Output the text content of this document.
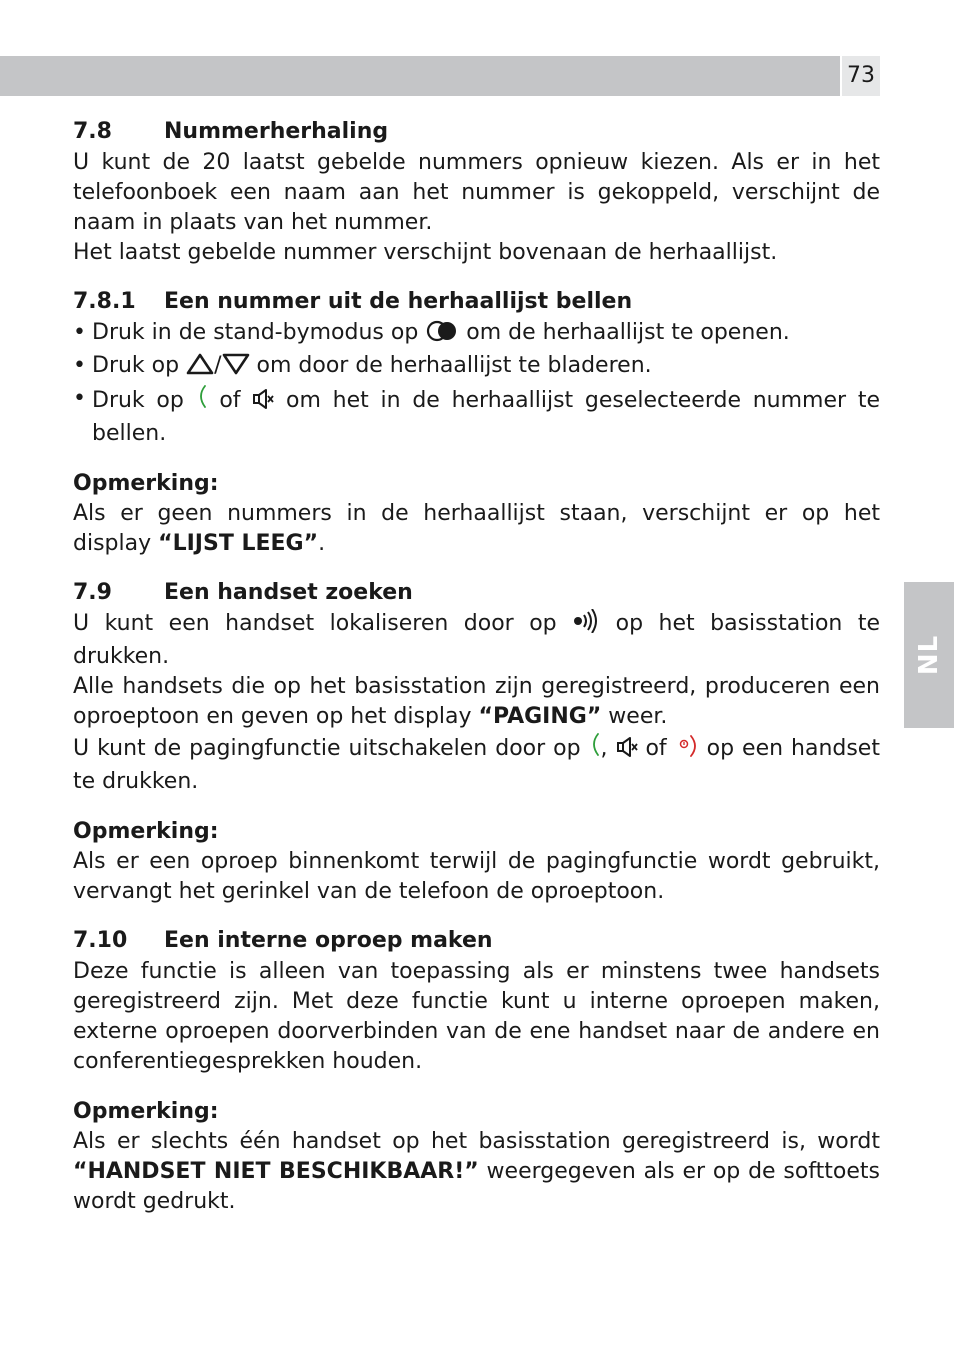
73
NL
7.8 Nummerherhaling

U kunt de 20 laatst gebelde nummers opnieuw kiezen. Als er in het telefoonboek een naam aan het nummer is gekoppeld, verschijnt de naam in plaats van het nummer.

Het laatst gebelde nummer verschijnt bovenaan de herhaallijst.

7.8.1 Een nummer uit de herhaallijst bellen
• Druk in de stand-bymodus op  om de herhaallijst te openen.
• Druk op / om door de herhaallijst te bladeren.
• Druk op  of  om het in de herhaallijst geselecteerde nummer te bellen.

Opmerking:

Als er geen nummers in de herhaallijst staan, verschijnt er op het display “LIJST LEEG”.

7.9 Een handset zoeken

U kunt een handset lokaliseren door op  op het basisstation te drukken.

Alle handsets die op het basisstation zijn geregistreerd, produceren een oproeptoon en geven op het display “PAGING” weer.

U kunt de pagingfunctie uitschakelen door op ,  of  op een handset te drukken.

Opmerking:

Als er een oproep binnenkomt terwijl de pagingfunctie wordt gebruikt, vervangt het gerinkel van de telefoon de oproeptoon.

7.10 Een interne oproep maken

Deze functie is alleen van toepassing als er minstens twee handsets geregistreerd zijn. Met deze functie kunt u interne oproepen maken, externe oproepen doorverbinden van de ene handset naar de andere en conferentiegesprekken houden.

Opmerking:

Als er slechts één handset op het basisstation geregistreerd is, wordt “HANDSET NIET BESCHIKBAAR!” weergegeven als er op de softtoets wordt gedrukt.
